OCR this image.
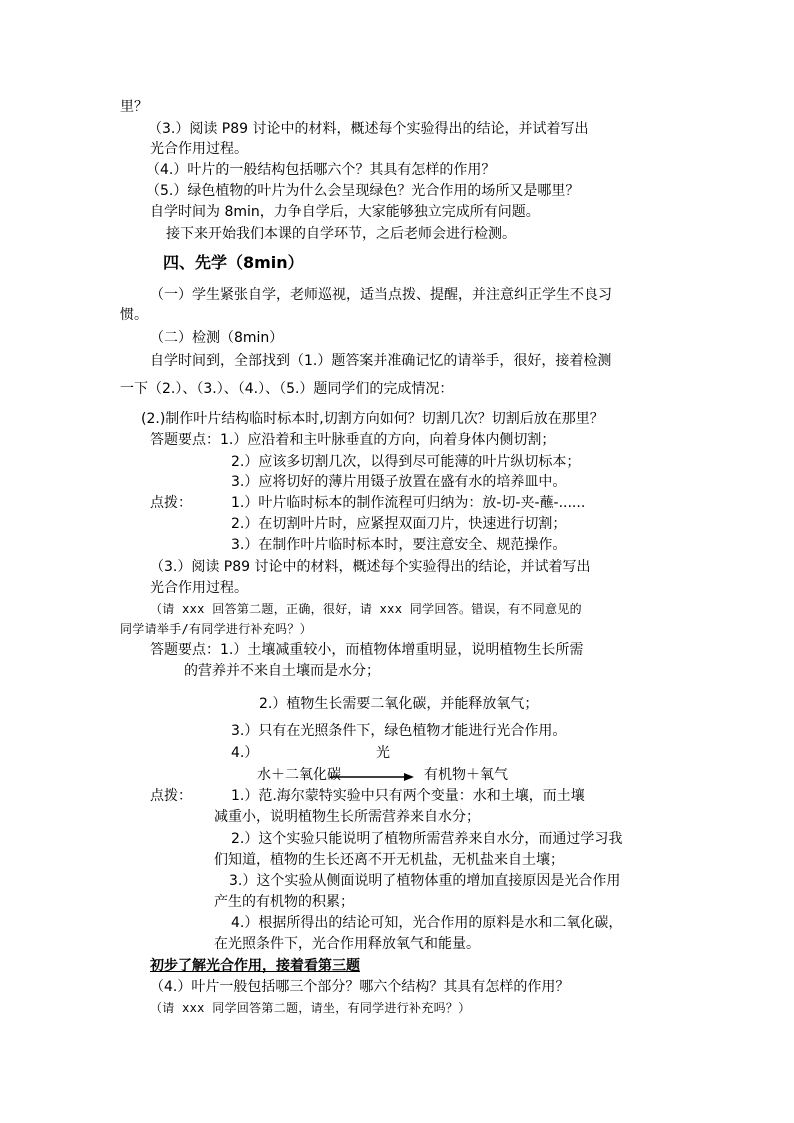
里？
（3.）阅读 P89 讨论中的材料，概述每个实验得出的结论，并试着写出
光合作用过程。
（4.）叶片的一般结构包括哪六个？其具有怎样的作用？
（5.）绿色植物的叶片为什么会呈现绿色？光合作用的场所又是哪里？
自学时间为 8min，力争自学后，大家能够独立完成所有问题。
接下来开始我们本课的自学环节，之后老师会进行检测。
四、先学（8min）
（一）学生紧张自学，老师巡视，适当点拨、提醒，并注意纠正学生不良习
惯。
（二）检测（8min）
自学时间到，全部找到（1.）题答案并准确记忆的请举手，很好，接着检测
一下（2.）、（3.）、（4.）、（5.）题同学们的完成情况：
(2.)制作叶片结构临时标本时,切割方向如何？切割几次？切割后放在那里？
答题要点：1.）应沿着和主叶脉垂直的方向，向着身体内侧切割；
2.）应该多切割几次，以得到尽可能薄的叶片纵切标本；
3.）应将切好的薄片用镊子放置在盛有水的培养皿中。
点拨：	1.）叶片临时标本的制作流程可归纳为：放-切-夹-蘸-......
2.）在切割叶片时，应紧捏双面刀片，快速进行切割；
3.）在制作叶片临时标本时，要注意安全、规范操作。
（3.）阅读 P89 讨论中的材料，概述每个实验得出的结论，并试着写出
光合作用过程。
（请 xxx 回答第二题，正确，很好，请 xxx 同学回答。错误，有不同意见的
同学请举手/有同学进行补充吗？）
答题要点：1.）土壤减重较小，而植物体增重明显，说明植物生长所需
的营养并不来自土壤而是水分；
2.）植物生长需要二氧化碳，并能释放氧气；
3.）只有在光照条件下，绿色植物才能进行光合作用。
4.）	光
水＋二氧化碳	有机物＋氧气
点拨：	1.）范.海尔蒙特实验中只有两个变量：水和土壤，而土壤
减重小，说明植物生长所需营养来自水分；
2.）这个实验只能说明了植物所需营养来自水分，而通过学习我
们知道，植物的生长还离不开无机盐，无机盐来自土壤；
3.）这个实验从侧面说明了植物体重的增加直接原因是光合作用
产生的有机物的积累；
4.）根据所得出的结论可知，光合作用的原料是水和二氧化碳，
在光照条件下，光合作用释放氧气和能量。
初步了解光合作用，接着看第三题
（4.）叶片一般包括哪三个部分？哪六个结构？其具有怎样的作用？
（请 xxx 同学回答第二题，请坐，有同学进行补充吗？）
